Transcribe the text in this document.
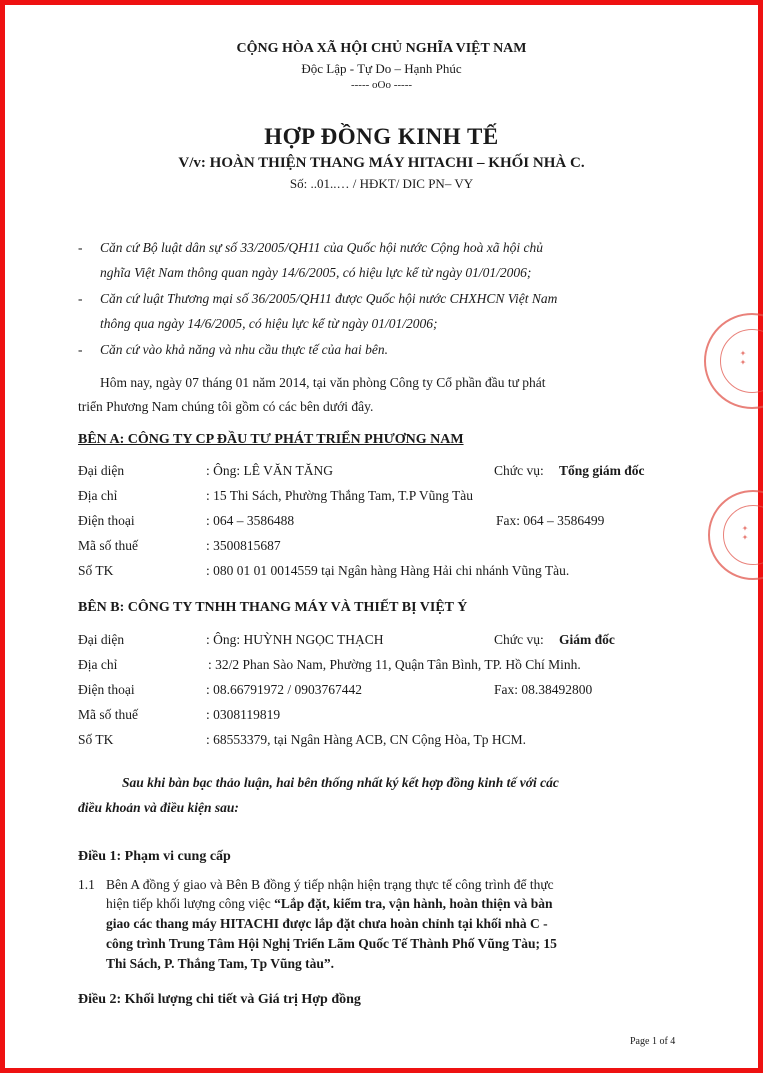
CỘNG HÒA XÃ HỘI CHỦ NGHĨA VIỆT NAM
Độc Lập - Tự Do – Hạnh Phúc
----- oOo -----
HỢP ĐỒNG KINH TẾ
V/v: HOÀN THIỆN THANG MÁY HITACHI – KHỐI NHÀ C.
Số: ..01..… / HĐKT/ DIC PN– VY
- Căn cứ Bộ luật dân sự số 33/2005/QH11 của Quốc hội nước Cộng hoà xã hội chủ
nghĩa Việt Nam thông quan ngày 14/6/2005, có hiệu lực kể từ ngày 01/01/2006;
- Căn cứ luật Thương mại số 36/2005/QH11 được Quốc hội nước CHXHCN Việt Nam
thông qua ngày 14/6/2005, có hiệu lực kể từ ngày 01/01/2006;
- Căn cứ vào khả năng và nhu cầu thực tế của hai bên.
Hôm nay, ngày 07 tháng 01 năm 2014, tại văn phòng Công ty Cổ phần đầu tư phát
triển Phương Nam chúng tôi gồm có các bên dưới đây.
BÊN A: CÔNG TY CP ĐẦU TƯ PHÁT TRIỂN PHƯƠNG NAM
Đại diện	: Ông: LÊ VĂN TĂNG	Chức vụ: Tổng giám đốc
Địa chỉ	: 15 Thi Sách, Phường Thắng Tam, T.P Vũng Tàu
Điện thoại	: 064 – 3586488	Fax: 064 – 3586499
Mã số thuế	: 3500815687
Số TK	: 080 01 01 0014559 tại Ngân hàng Hàng Hải chi nhánh Vũng Tàu.
BÊN B: CÔNG TY TNHH THANG MÁY VÀ THIẾT BỊ VIỆT Ý
Đại diện	: Ông: HUỲNH NGỌC THẠCH	Chức vụ: Giám đốc
Địa chỉ	: 32/2 Phan Sào Nam, Phường 11, Quận Tân Bình, TP. Hồ Chí Minh.
Điện thoại	: 08.66791972 / 0903767442	Fax: 08.38492800
Mã số thuế	: 0308119819
Số TK	: 68553379, tại Ngân Hàng ACB, CN Cộng Hòa, Tp HCM.
Sau khi bàn bạc thảo luận, hai bên thống nhất ký kết hợp đồng kinh tế với các
điều khoản và điều kiện sau:
Điều 1: Phạm vi cung cấp
1.1 Bên A đồng ý giao và Bên B đồng ý tiếp nhận hiện trạng thực tế công trình để thực
hiện tiếp khối lượng công việc “Lắp đặt, kiểm tra, vận hành, hoàn thiện và bàn
giao các thang máy HITACHI được lắp đặt chưa hoàn chỉnh tại khối nhà C -
công trình Trung Tâm Hội Nghị Triển Lãm Quốc Tế Thành Phố Vũng Tàu; 15
Thi Sách, P. Thắng Tam, Tp Vũng tàu”.
Điều 2: Khối lượng chi tiết và Giá trị Hợp đồng
Page 1 of 4
✦
✦
✦
✦
